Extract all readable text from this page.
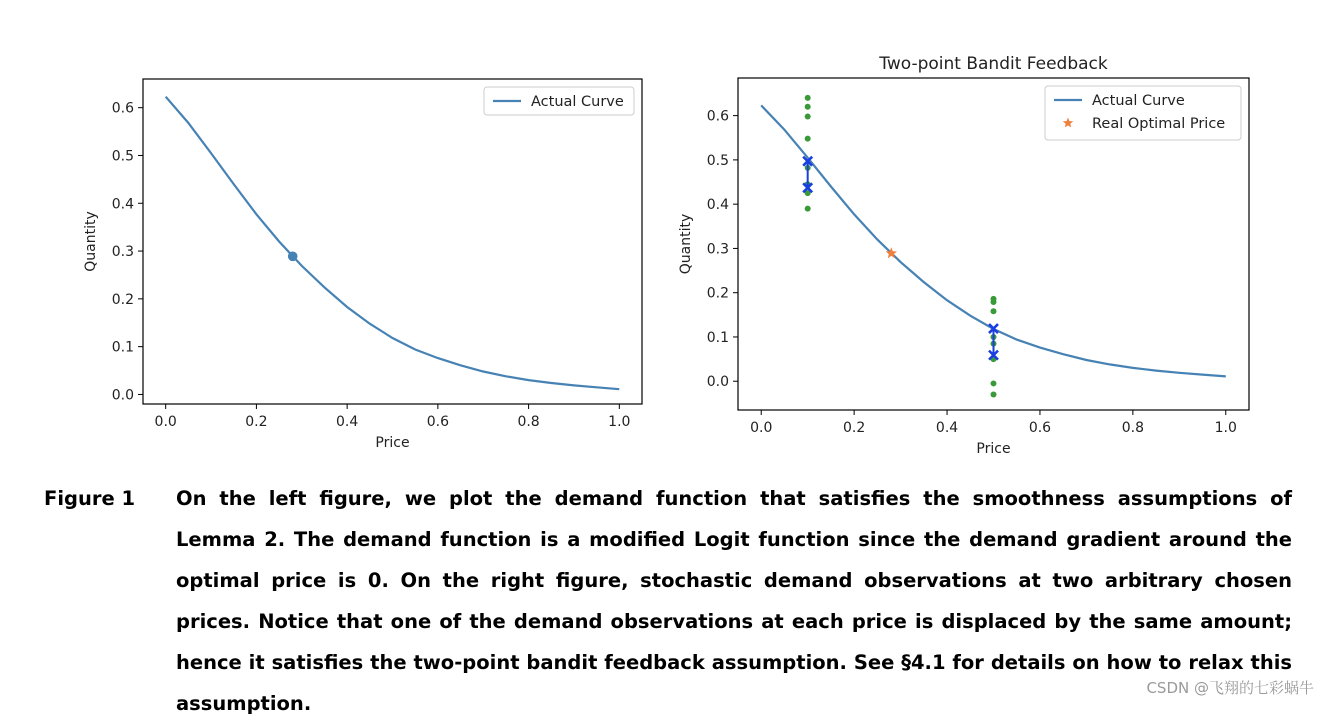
0.0	0.2	0.4	0.6	0.8	1.0
0.0
0.1
0.2
0.3
0.4
0.5
0.6
Price
Quantity
Actual Curve
Two-point Bandit Feedback
0.0	0.2	0.4	0.6	0.8	1.0
0.0
0.1
0.2
0.3
0.4
0.5
0.6
Price
Quantity
Actual Curve
Real Optimal Price
Figure 1 On the left figure, we plot the demand function that satisfies the smoothness assumptions of Lemma 2. The demand function is a modified Logit function since the demand gradient around the optimal price is 0. On the right figure, stochastic demand observations at two arbitrary chosen prices. Notice that one of the demand observations at each price is displaced by the same amount; hence it satisfies the two-point bandit feedback assumption. See §4.1 for details on how to relax this assumption.
CSDN @飞翔的七彩蜗牛
